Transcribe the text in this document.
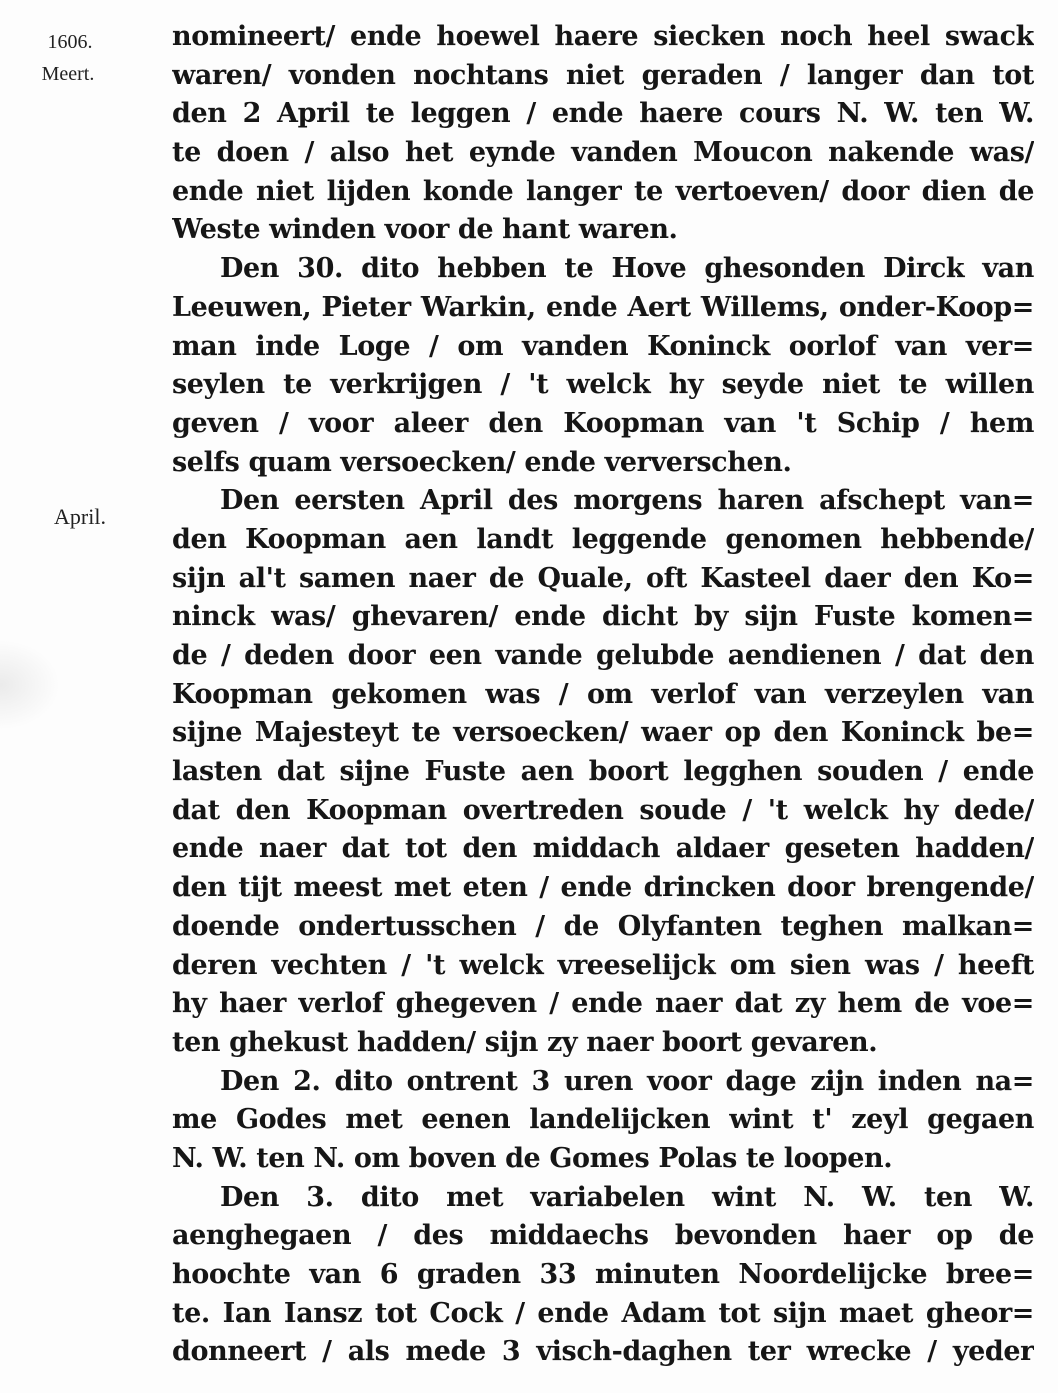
1606.
Meert.
April.
nomineert/ ende hoewel haere siecken noch heel swack
waren/ vonden nochtans niet geraden / langer dan tot
den 2 April te leggen / ende haere cours N. W. ten W.
te doen / also het eynde vanden Moucon nakende was/
ende niet lijden konde langer te vertoeven/ door dien de
Weste winden voor de hant waren.
Den 30. dito hebben te Hove ghesonden Dirck van
Leeuwen, Pieter Warkin, ende Aert Willems, onder-Koop=
man inde Loge / om vanden Koninck oorlof van ver=
seylen te verkrijgen / 't welck hy seyde niet te willen
geven / voor aleer den Koopman van 't Schip / hem
selfs quam versoecken/ ende ververschen.
Den eersten April des morgens haren afschept van=
den Koopman aen landt leggende genomen hebbende/
sijn al't samen naer de Quale, oft Kasteel daer den Ko=
ninck was/ ghevaren/ ende dicht by sijn Fuste komen=
de / deden door een vande gelubde aendienen / dat den
Koopman gekomen was / om verlof van verzeylen van
sijne Majesteyt te versoecken/ waer op den Koninck be=
lasten dat sijne Fuste aen boort legghen souden / ende
dat den Koopman overtreden soude / 't welck hy dede/
ende naer dat tot den middach aldaer geseten hadden/
den tijt meest met eten / ende drincken door brengende/
doende ondertusschen / de Olyfanten teghen malkan=
deren vechten / 't welck vreeselijck om sien was / heeft
hy haer verlof ghegeven / ende naer dat zy hem de voe=
ten ghekust hadden/ sijn zy naer boort gevaren.
Den 2. dito ontrent 3 uren voor dage zijn inden na=
me Godes met eenen landelijcken wint t' zeyl gegaen
N. W. ten N. om boven de Gomes Polas te loopen.
Den 3. dito met variabelen wint N. W. ten W.
aenghegaen / des middaechs bevonden haer op de
hoochte van 6 graden 33 minuten Noordelijcke bree=
te. Ian Iansz tot Cock / ende Adam tot sijn maet gheor=
donneert / als mede 3 visch-daghen ter wrecke / yeder
